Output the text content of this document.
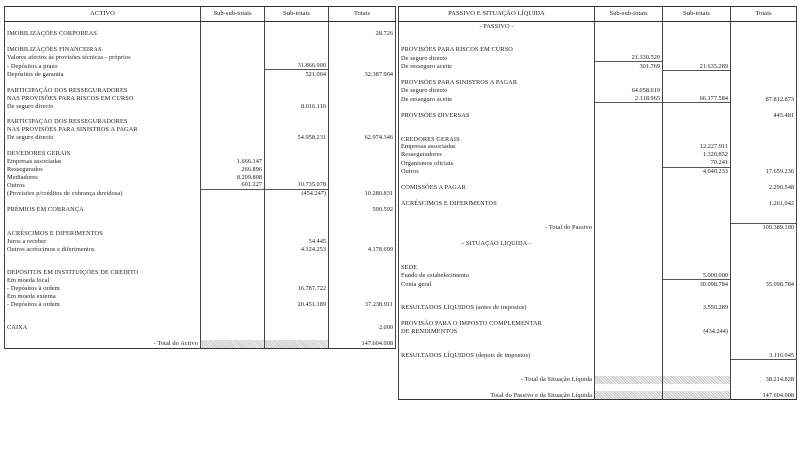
ACTIVO	Sub-sub-totais	Sub-totais	Totais

IMOBILIZAÇÕES CORPÓREAS			28.726

IMOBILIZAÇÕES FINANCEIRAS			
Valores afectos às provisões técnicas - próprios			
- Depósitos a prazo		31.866.900	
Depósitos de garantia		521.004	32.387.904

PARTICIPAÇÃO DOS RESSEGURADORES			
NAS PROVISÕES PARA RISCOS EM CURSO			
De seguro directo		8.016.116	

PARTICIPAÇÃO DOS RESSEGURADORES			
NAS PROVISÕES PARA SINISTROS A PAGAR			
De seguro directo		54.958.231	62.974.346

DEVEDORES GERAIS			
Empresas associadas	1.666.147		
Ressegurados	266.896		
Mediadores	8.209.808		
Outros	601.227	10.735.078	
(Provisões p/créditos de cobrança duvidosa)		(454.247)	10.280.831

PRÉMIOS EM COBRANÇA			599.592

ACRÉSCIMOS E DIFERIMENTOS			
Juros a receber		54.445	
Outros acréscimos e diferimentos		4.124.253	4.178.699

DEPÓSITOS EM INSTITUIÇÕES DE CRÉDITO			
Em moeda local			
- Depósitos à ordem		16.787.722	
Em moeda externa			
- Depósitos à ordem		20.451.189	37.238.911

CAIXA			2.000

- Total do Activo			147.604.008
PASSIVO E SITUAÇÃO LÍQUIDA	Sub-sub-totais	Sub-totais	Totais
- PASSIVO -			

PROVISÕES PARA RISCOS EM CURSO			
De seguro directo	21.330.520		
De resseguro aceite	301.769	21.635.289	

PROVISÕES PARA SINISTROS A PAGAR			
De seguro directo	64.058.619		
De resseguro aceite	2.118.965	66.177.584	87.812.873

PROVISÕES DIVERSAS			445.481

CREDORES GERAIS			
Empresas associadas		12.227.911	
Resseguradores		1.320,852	
Organismos oficiais		70.241	
Outros		4.040.233	17.659.236

COMISSÕES A PAGAR			2.290.548

ACRÉSCIMOS E DIFERIMENTOS			1.261,042

- Total do Passivo			109.389.180

- SITUAÇÃO LÍQUIDA -			

SEDE			
Fundo de estabelecimento		5.000.000	
Conta geral		30.098.784	35.098.784

RESULTADOS LÍQUIDOS (antes de impostos)		3.550.289	

PROVISÃO PARA O IMPOSTO COMPLEMENTAR			
DE RENDIMENTOS		(434.244)	

RESULTADOS LÍQUIDOS (depois de impostos)			3.116.045

- Total da Situação Líquida			38.214.828

Total do Passivo e da Situação Líquida			147.604.008
